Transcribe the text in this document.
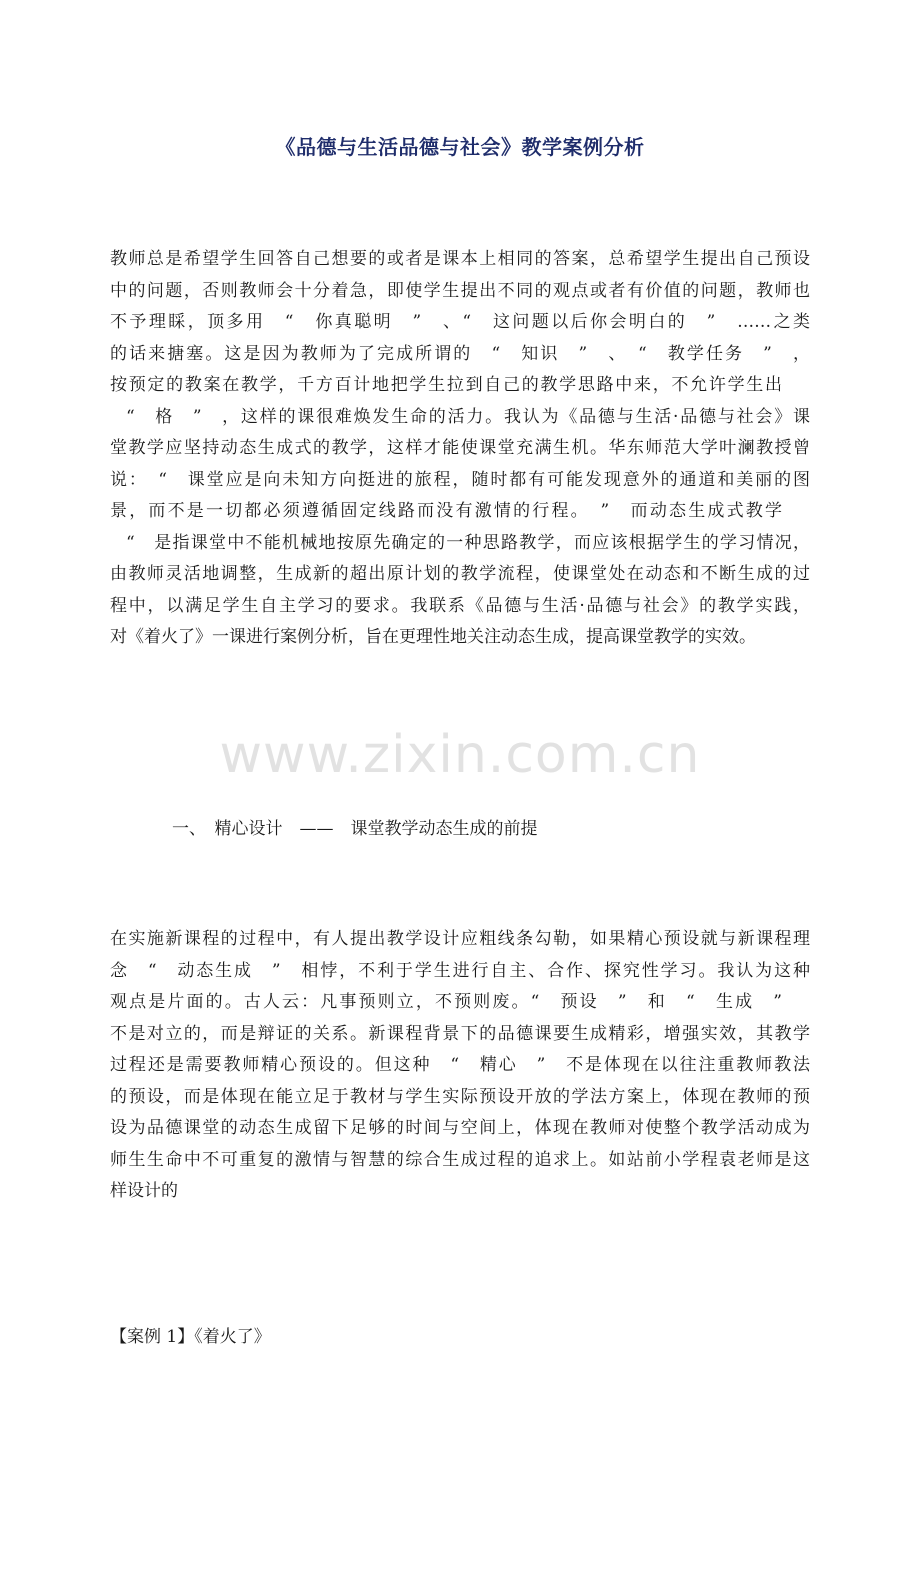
《品德与生活品德与社会》教学案例分析

教师总是希望学生回答自己想要的或者是课本上相同的答案，总希望学生提出自己预设
中的问题，否则教师会十分着急，即使学生提出不同的观点或者有价值的问题，教师也
不予理睬，顶多用　“　你真聪明　”　、“　这问题以后你会明白的　”　……之类
的话来搪塞。这是因为教师为了完成所谓的　“　知识　”　、　“　教学任务　”　，
按预定的教案在教学，千方百计地把学生拉到自己的教学思路中来，不允许学生出
“　格　”　，这样的课很难焕发生命的活力。我认为《品德与生活·品德与社会》课
堂教学应坚持动态生成式的教学，这样才能使课堂充满生机。华东师范大学叶澜教授曾
说：　“　课堂应是向未知方向挺进的旅程，随时都有可能发现意外的通道和美丽的图
景，而不是一切都必须遵循固定线路而没有激情的行程。　”　而动态生成式教学
“　是指课堂中不能机械地按原先确定的一种思路教学，而应该根据学生的学习情况，
由教师灵活地调整，生成新的超出原计划的教学流程，使课堂处在动态和不断生成的过
程中，以满足学生自主学习的要求。我联系《品德与生活·品德与社会》的教学实践，
对《着火了》一课进行案例分析，旨在更理性地关注动态生成，提高课堂教学的实效。

www.zixin.com.cn
一、　精心设计　——　课堂教学动态生成的前提

在实施新课程的过程中，有人提出教学设计应粗线条勾勒，如果精心预设就与新课程理
念　“　动态生成　”　相悖，不利于学生进行自主、合作、探究性学习。我认为这种
观点是片面的。古人云：凡事预则立，不预则废。“　预设　”　和　“　生成　”
不是对立的，而是辩证的关系。新课程背景下的品德课要生成精彩，增强实效，其教学
过程还是需要教师精心预设的。但这种　“　精心　”　不是体现在以往注重教师教法
的预设，而是体现在能立足于教材与学生实际预设开放的学法方案上，体现在教师的预
设为品德课堂的动态生成留下足够的时间与空间上，体现在教师对使整个教学活动成为
师生生命中不可重复的激情与智慧的综合生成过程的追求上。如站前小学程袁老师是这
样设计的

【案例 1】《着火了》
